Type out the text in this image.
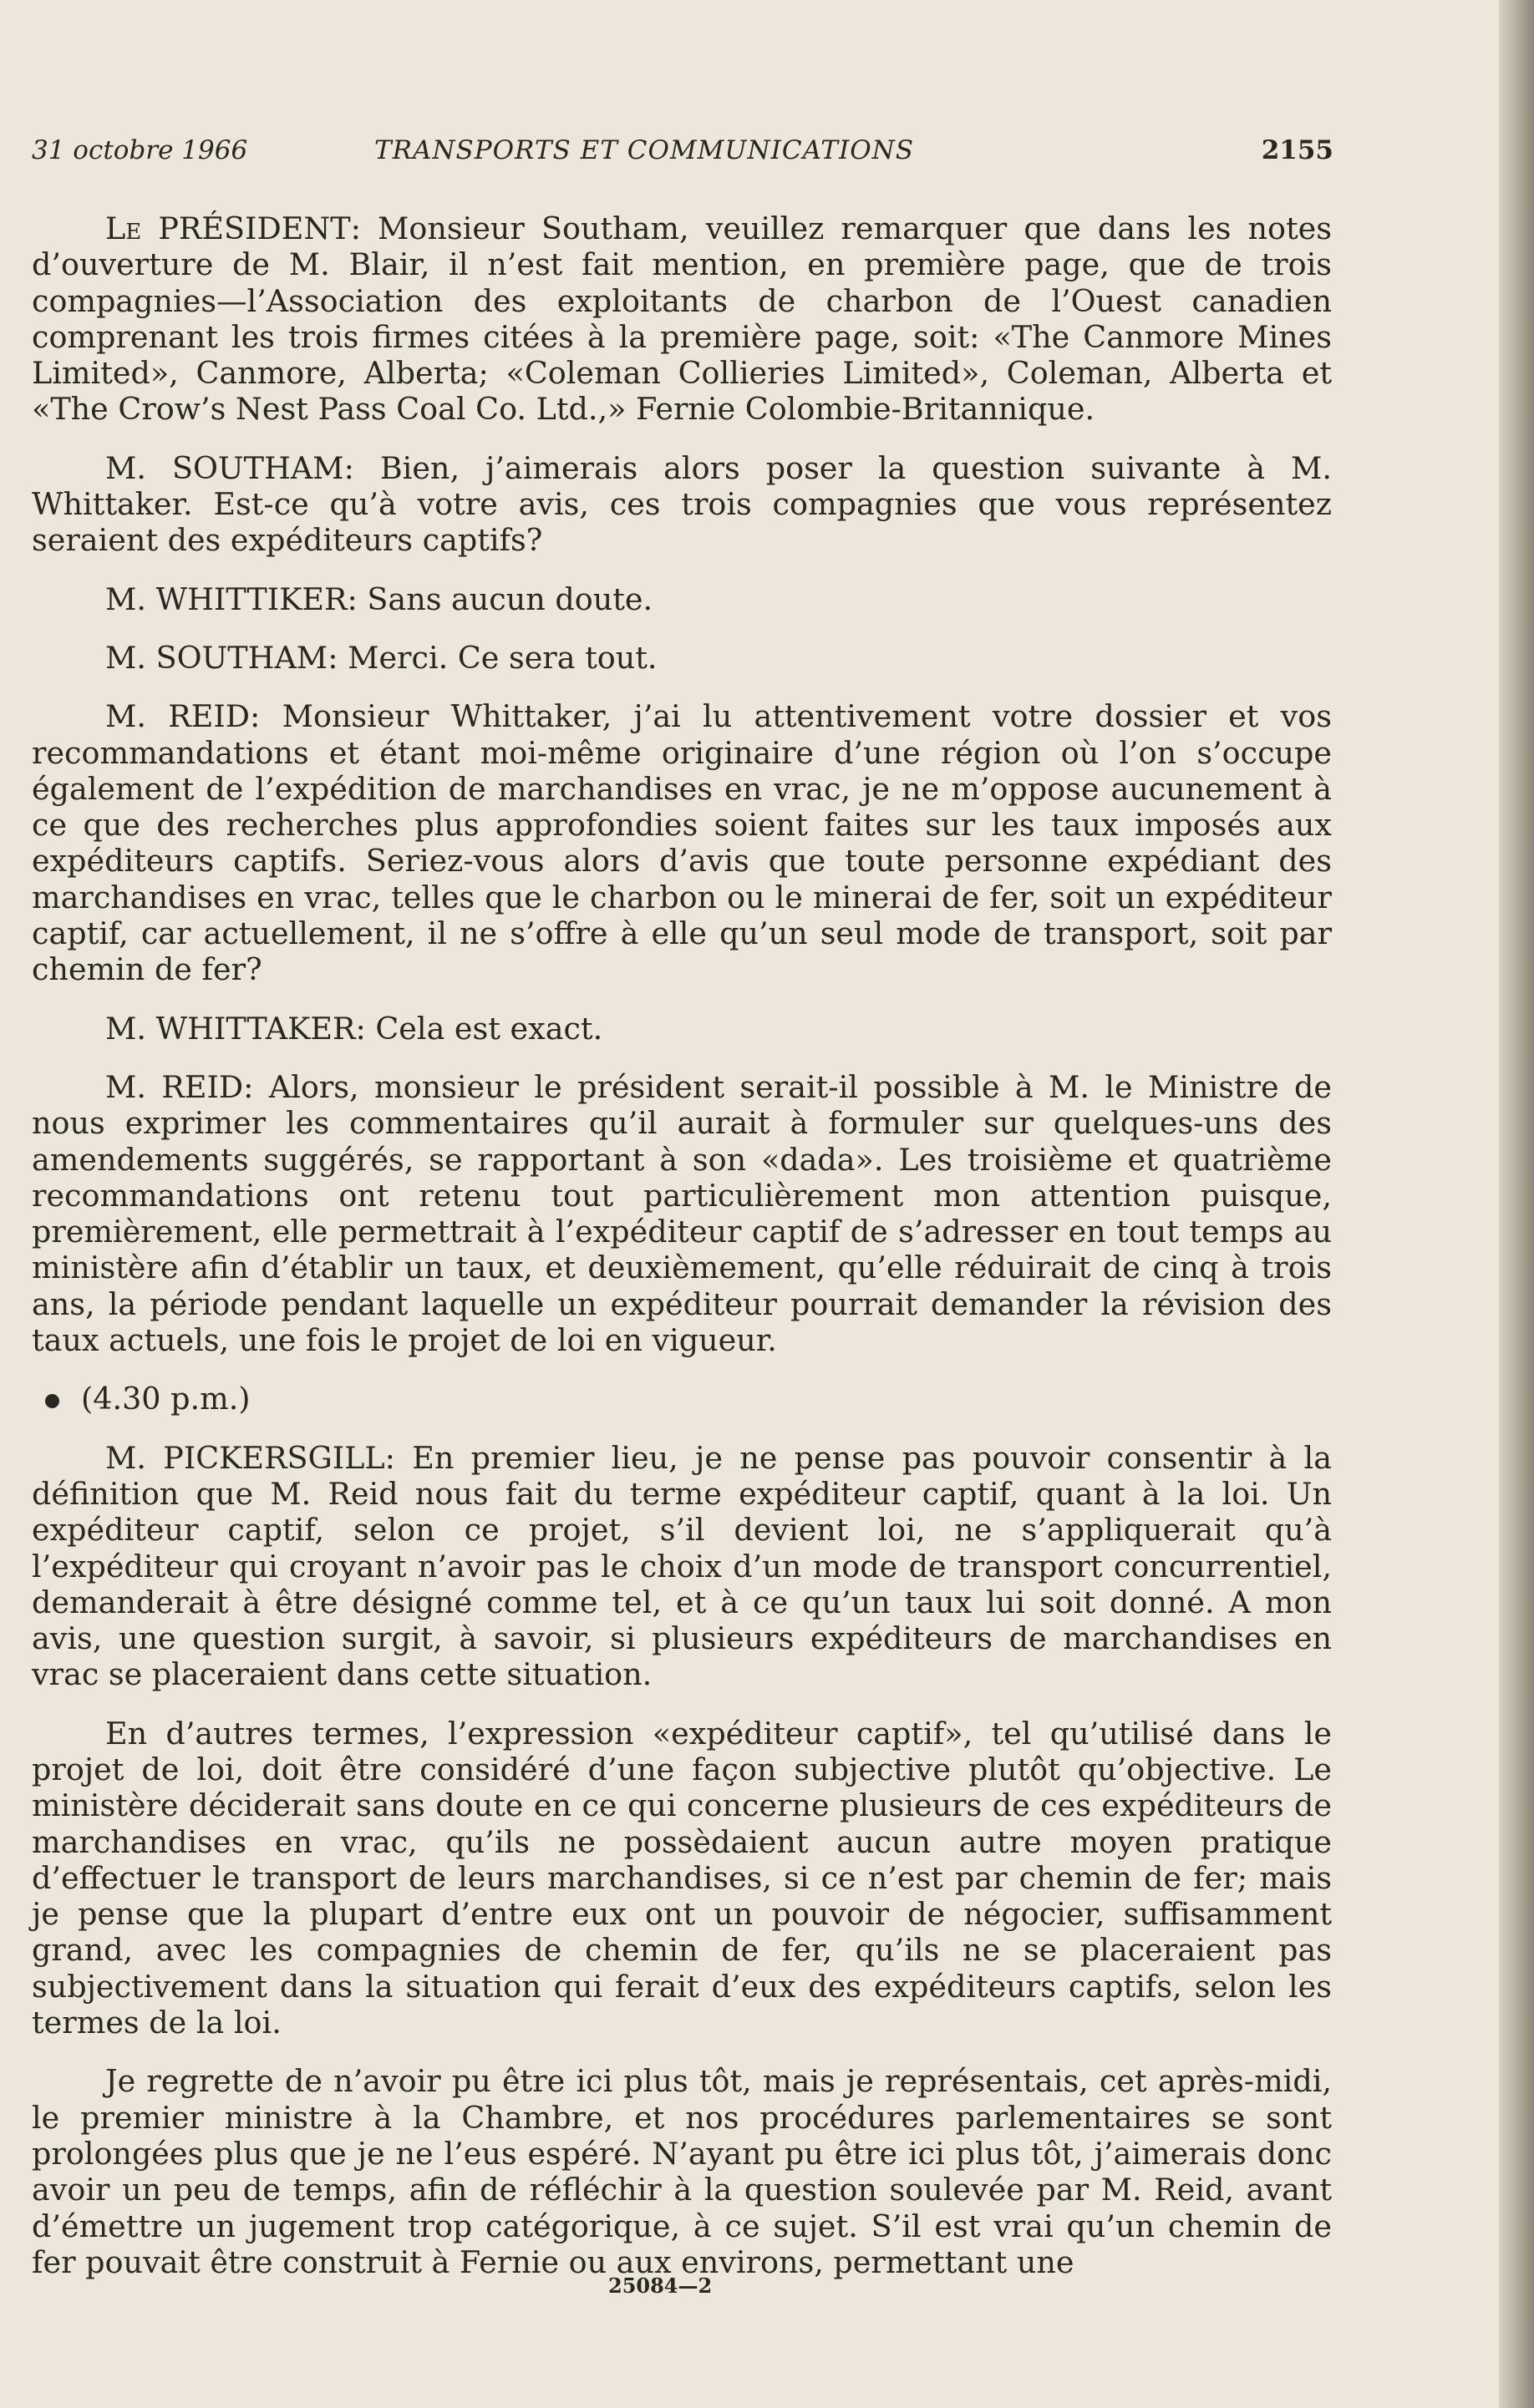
31 octobre 1966	TRANSPORTS ET COMMUNICATIONS	2155

Le PRÉSIDENT: Monsieur Southam, veuillez remarquer que dans les notes d’ouverture de M. Blair, il n’est fait mention, en première page, que de trois compagnies—l’Association des exploitants de charbon de l’Ouest canadien comprenant les trois firmes citées à la première page, soit: «The Canmore Mines Limited», Canmore, Alberta; «Coleman Collieries Limited», Coleman, Alberta et «The Crow’s Nest Pass Coal Co. Ltd.,» Fernie Colombie-Britannique.

M. SOUTHAM: Bien, j’aimerais alors poser la question suivante à M. Whittaker. Est-ce qu’à votre avis, ces trois compagnies que vous représentez seraient des expéditeurs captifs?

M. WHITTIKER: Sans aucun doute.

M. SOUTHAM: Merci. Ce sera tout.

M. REID: Monsieur Whittaker, j’ai lu attentivement votre dossier et vos recommandations et étant moi-même originaire d’une région où l’on s’occupe également de l’expédition de marchandises en vrac, je ne m’oppose aucunement à ce que des recherches plus approfondies soient faites sur les taux imposés aux expéditeurs captifs. Seriez-vous alors d’avis que toute personne expédiant des marchandises en vrac, telles que le charbon ou le minerai de fer, soit un expéditeur captif, car actuellement, il ne s’offre à elle qu’un seul mode de transport, soit par chemin de fer?

M. WHITTAKER: Cela est exact.

M. REID: Alors, monsieur le président serait-il possible à M. le Ministre de nous exprimer les commentaires qu’il aurait à formuler sur quelques-uns des amendements suggérés, se rapportant à son «dada». Les troisième et quatrième recommandations ont retenu tout particulièrement mon attention puisque, premièrement, elle permettrait à l’expéditeur captif de s’adresser en tout temps au ministère afin d’établir un taux, et deuxièmement, qu’elle réduirait de cinq à trois ans, la période pendant laquelle un expéditeur pourrait demander la révision des taux actuels, une fois le projet de loi en vigueur.

(4.30 p.m.)

M. PICKERSGILL: En premier lieu, je ne pense pas pouvoir consentir à la définition que M. Reid nous fait du terme expéditeur captif, quant à la loi. Un expéditeur captif, selon ce projet, s’il devient loi, ne s’appliquerait qu’à l’expéditeur qui croyant n’avoir pas le choix d’un mode de transport concurrentiel, demanderait à être désigné comme tel, et à ce qu’un taux lui soit donné. A mon avis, une question surgit, à savoir, si plusieurs expéditeurs de marchandises en vrac se placeraient dans cette situation.

En d’autres termes, l’expression «expéditeur captif», tel qu’utilisé dans le projet de loi, doit être considéré d’une façon subjective plutôt qu’objective. Le ministère déciderait sans doute en ce qui concerne plusieurs de ces expéditeurs de marchandises en vrac, qu’ils ne possèdaient aucun autre moyen pratique d’effectuer le transport de leurs marchandises, si ce n’est par chemin de fer; mais je pense que la plupart d’entre eux ont un pouvoir de négocier, suffisamment grand, avec les compagnies de chemin de fer, qu’ils ne se placeraient pas subjectivement dans la situation qui ferait d’eux des expéditeurs captifs, selon les termes de la loi.

Je regrette de n’avoir pu être ici plus tôt, mais je représentais, cet après-midi, le premier ministre à la Chambre, et nos procédures parlementaires se sont prolongées plus que je ne l’eus espéré. N’ayant pu être ici plus tôt, j’aimerais donc avoir un peu de temps, afin de réfléchir à la question soulevée par M. Reid, avant d’émettre un jugement trop catégorique, à ce sujet. S’il est vrai qu’un chemin de fer pouvait être construit à Fernie ou aux environs, permettant une

25084—2
